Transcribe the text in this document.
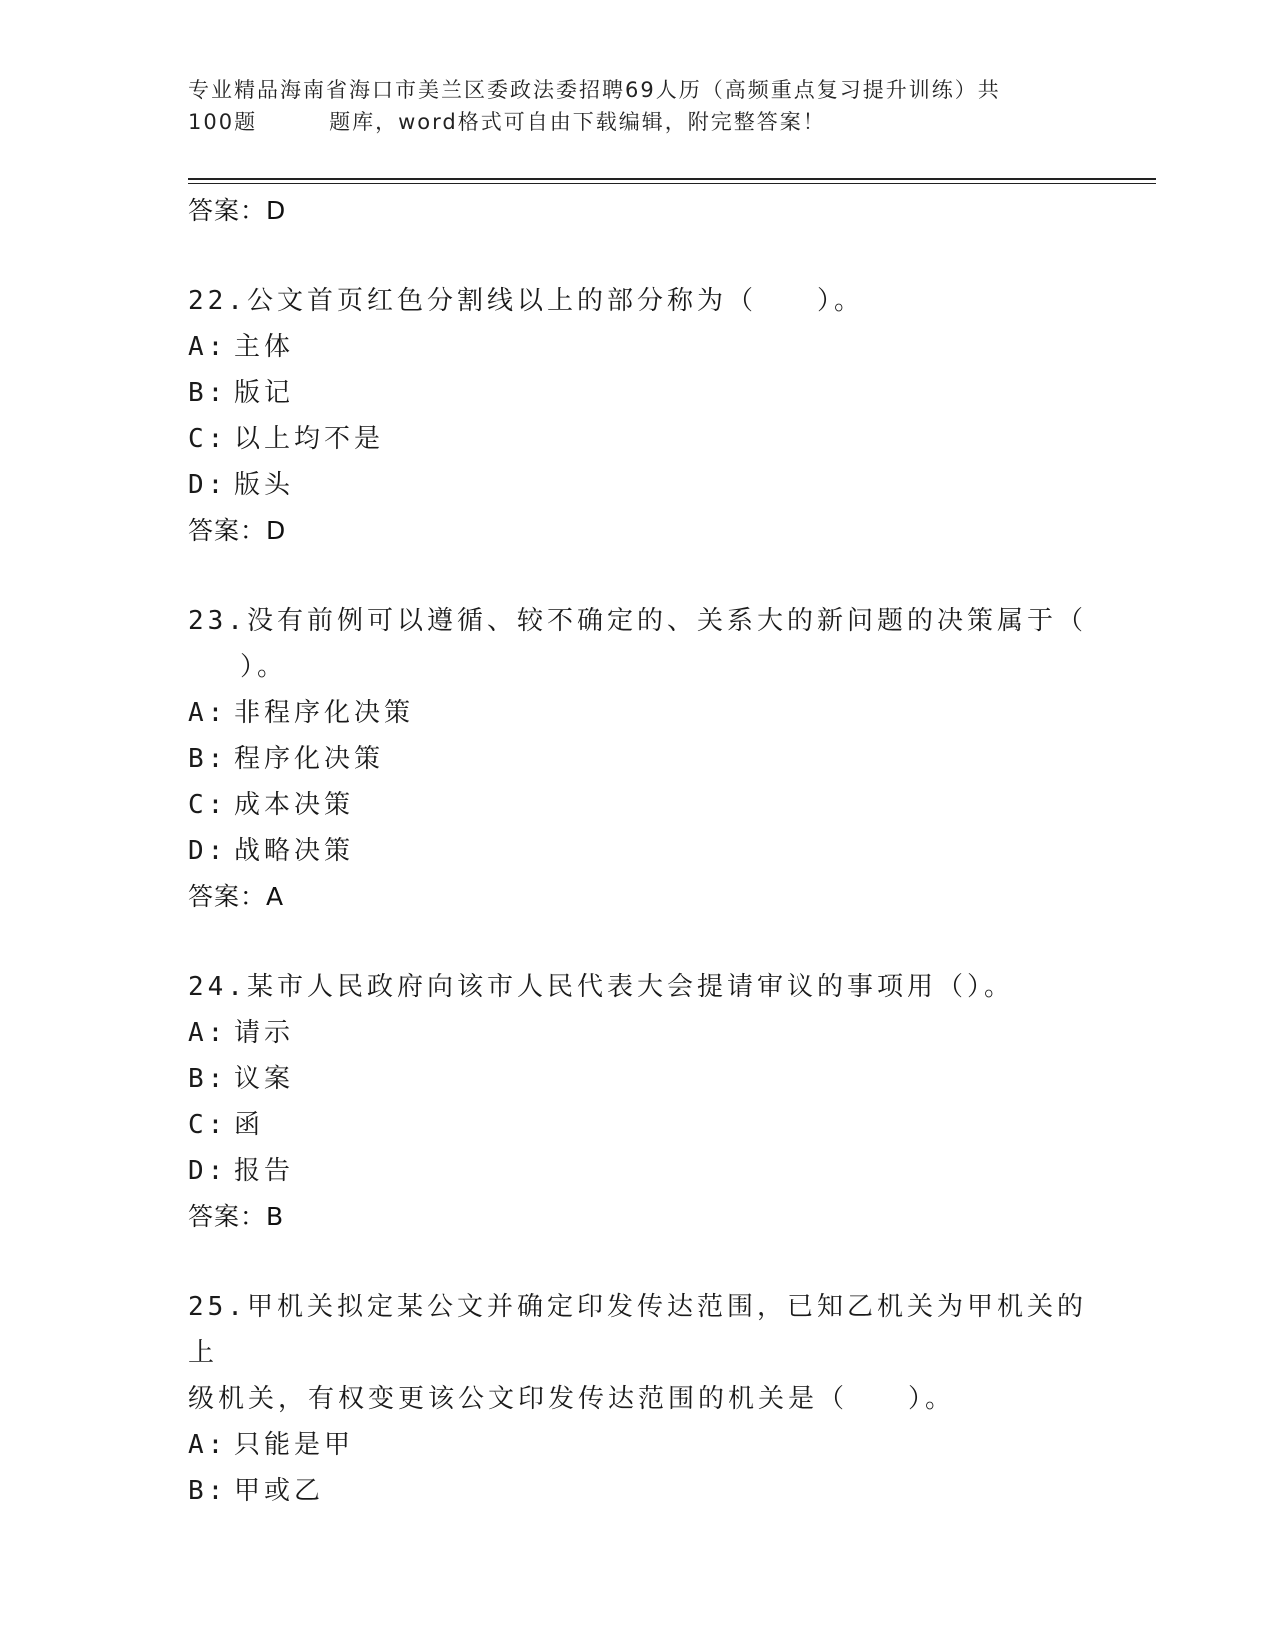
专业精品海南省海口市美兰区委政法委招聘69人历（高频重点复习提升训练）共
100题	题库，word格式可自由下载编辑，附完整答案！
答案：D
22.公文首页红色分割线以上的部分称为（　　）。
A: 主体
B: 版记
C: 以上均不是
D: 版头
答案：D
23.没有前例可以遵循、较不确定的、关系大的新问题的决策属于（
）。
A: 非程序化决策
B: 程序化决策
C: 成本决策
D: 战略决策
答案：A
24.某市人民政府向该市人民代表大会提请审议的事项用（）。
A: 请示
B: 议案
C: 函
D: 报告
答案：B
25.甲机关拟定某公文并确定印发传达范围，已知乙机关为甲机关的上
级机关，有权变更该公文印发传达范围的机关是（　　）。
A: 只能是甲
B: 甲或乙
